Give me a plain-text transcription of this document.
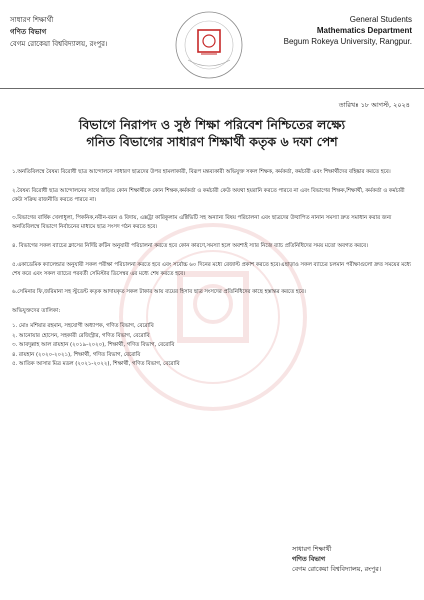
সাধারণ শিক্ষার্থী
গণিত বিভাগ
বেগম রোকেয়া বিশ্ববিদ্যালয়, রংপুর।
General Students
Mathematics Department
Begum Rokeya University, Rangpur.
তারিখঃ ১৮ আগস্ট, ২০২৪
বিভাগে নিরাপদ ও সুষ্ঠ শিক্ষা পরিবেশ নিশ্চিতের লক্ষ্যে
গনিত বিভাগের সাধারণ শিক্ষার্থী কতৃক ৬ দফা পেশ

১.অনতিবিলম্বে বৈষম্য বিরোধী ছাত্র আন্দোলনে সাধারণ ছাত্রদের উপর হামলাকারী, বিরূপ মন্তব্যকারী অভিযুক্ত সকল শিক্ষক, কর্মকর্তা, কর্মচারী এবং শিক্ষার্থীদের বহিষ্কার করতে হবে।

২.বৈষম্য বিরোধী ছাত্র আন্দোলনের সাথে জড়িত কোন শিক্ষার্থীকে কোন শিক্ষক,কর্মকর্তা ও কর্মচারী কেউ অযথা হয়রানি করতে পারবে না এবং বিভাগের শিক্ষক,শিক্ষার্থী, কর্মকর্তা ও কর্মচারী কেউ সক্রিয় রাজনীতি করতে পারবে না।

৩.বিভাগের বার্ষিক খেলাধুলা, পিকনিক,নবীন-বরন ও বিদায়, এক্সট্রা কারিকুলাম এক্টিভিটি সহ অন্যান্য বিষয় পরিচালনা এবং ছাত্রদের উত্থাপিত নানান সমস্যা দ্রুত সমাধান করার জন্য অনতিবিলম্বে বিভাগে নির্বাচনের মাধ্যমে ছাত্র সংসদ গঠন করতে হবে।

৪. বিভাগের সকল ব্যাচের ক্লাসের নির্দিষ্ট রুটিন অনুযায়ী পরিচালনা করতে হবে কোন কারণে,সমস্যা হলে অবশ্যই স্যার নিজে ব্যাচ প্রতিনিধিদের সময় মতো অবগত করবে।

৫.একাডেমিক ক্যালেন্ডার অনুযায়ী সকল পরীক্ষা পরিচালনা করতে হবে এবং সর্বোচ্চ ৬০ দিনের মধ্যে রেজাল্ট প্রকাশ করতে হবে।এছাড়াও সকল ব্যাচের চলমান পরীক্ষাগুলো দ্রুত সময়ের মধ্যে শেষ করে এবং সকল ব্যাচের পরবর্তী সেমিস্টার ডিসেম্বর এর মধ্যে শেষ করতে হবে।

৬.সেমিনার ফি,জরিমানা সহ স্টুডেন্ট কতৃক আদায়কৃত সকল টাকার আয় ব্যয়ের হিসাব ছাত্র সংসদের প্রতিনিধিদের কাছে হস্তান্তর করতে হবে।

অভিযুক্তদের তালিকা:
১. মোঃ মশিয়ার রহমান, সহযোগী অধ্যাপক, গণিত বিভাগ, বেরোবি
২. আনোয়ার হোসেন, সহকারী রেজিস্ট্রার, গণিত বিভাগ, বেরোবি
৩. আবদুল্লাহ আল রায়হান (২০১৯-২০২০), শিক্ষার্থী, গণিত বিভাগ, বেরোবি
৪. রায়হান (২০২০-২০২১), শিক্ষার্থী, গণিত বিভাগ, বেরোবি
৫. আতিক আসার মিত্র মডল (২০২১-২০২২), শিক্ষার্থী, গণিত বিভাগ, বেরোবি
সাধারণ শিক্ষার্থী
গণিত বিভাগ
বেগম রোকেয়া বিশ্ববিদ্যালয়, রংপুর।
